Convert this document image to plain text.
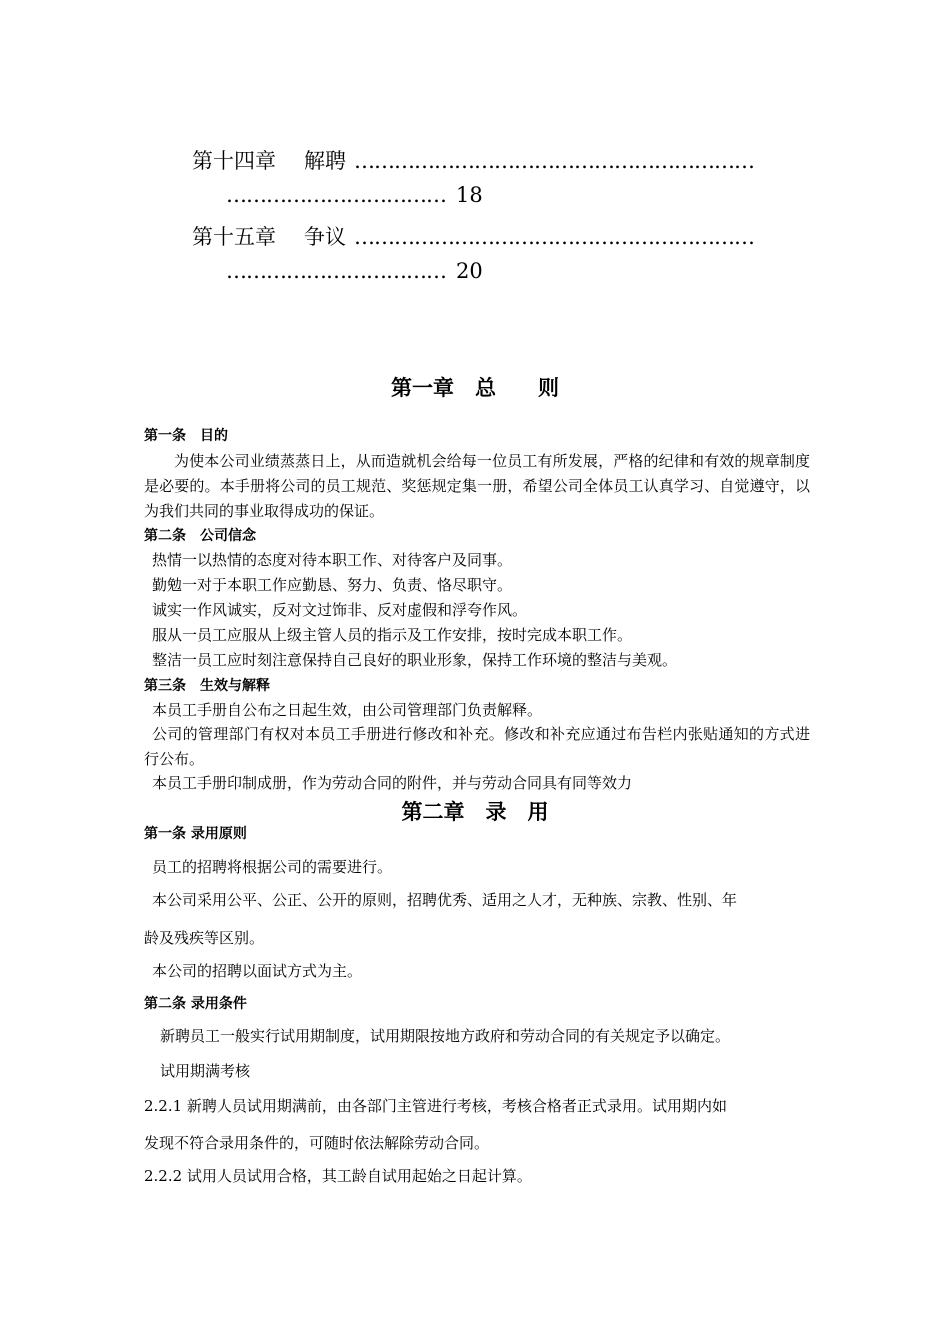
第十四章 解聘 ……………………………………………………
…………………………… 18
第十五章 争议 ……………………………………………………
…………………………… 20
第一章　总　　则
第一条　目的
为使本公司业绩蒸蒸日上，从而造就机会给每一位员工有所发展，严格的纪律和有效的规章制度是必要的。本手册将公司的员工规范、奖惩规定集一册，希望公司全体员工认真学习、自觉遵守，以为我们共同的事业取得成功的保证。
第二条　公司信念
热情一以热情的态度对待本职工作、对待客户及同事。
勤勉一对于本职工作应勤恳、努力、负责、恪尽职守。
诚实一作风诚实，反对文过饰非、反对虚假和浮夸作风。
服从一员工应服从上级主管人员的指示及工作安排，按时完成本职工作。
整洁一员工应时刻注意保持自己良好的职业形象，保持工作环境的整洁与美观。
第三条　生效与解释
本员工手册自公布之日起生效，由公司管理部门负责解释。
公司的管理部门有权对本员工手册进行修改和补充。修改和补充应通过布告栏内张贴通知的方式进行公布。
本员工手册印制成册，作为劳动合同的附件，并与劳动合同具有同等效力
第二章　录　用
第一条 录用原则
员工的招聘将根据公司的需要进行。
本公司采用公平、公正、公开的原则，招聘优秀、适用之人才，无种族、宗教、性别、年
龄及残疾等区别。
本公司的招聘以面试方式为主。
第二条 录用条件
新聘员工一般实行试用期制度，试用期限按地方政府和劳动合同的有关规定予以确定。
试用期满考核
2.2.1 新聘人员试用期满前，由各部门主管进行考核，考核合格者正式录用。试用期内如
发现不符合录用条件的，可随时依法解除劳动合同。
2.2.2 试用人员试用合格，其工龄自试用起始之日起计算。
